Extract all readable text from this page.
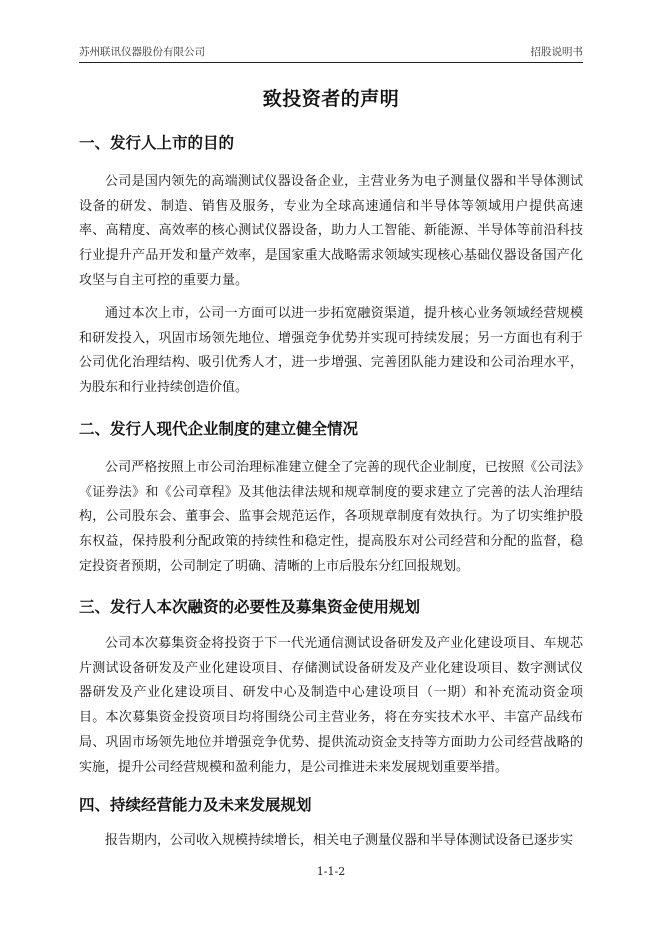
苏州联讯仪器股份有限公司	招股说明书
致投资者的声明
一、发行人上市的目的

公司是国内领先的高端测试仪器设备企业，主营业务为电子测量仪器和半导体测试设备的研发、制造、销售及服务，专业为全球高速通信和半导体等领域用户提供高速率、高精度、高效率的核心测试仪器设备，助力人工智能、新能源、半导体等前沿科技行业提升产品开发和量产效率，是国家重大战略需求领域实现核心基础仪器设备国产化攻坚与自主可控的重要力量。

通过本次上市，公司一方面可以进一步拓宽融资渠道，提升核心业务领域经营规模和研发投入，巩固市场领先地位、增强竞争优势并实现可持续发展；另一方面也有利于公司优化治理结构、吸引优秀人才，进一步增强、完善团队能力建设和公司治理水平，为股东和行业持续创造价值。

二、发行人现代企业制度的建立健全情况

公司严格按照上市公司治理标准建立健全了完善的现代企业制度，已按照《公司法》《证券法》和《公司章程》及其他法律法规和规章制度的要求建立了完善的法人治理结构，公司股东会、董事会、监事会规范运作，各项规章制度有效执行。为了切实维护股东权益，保持股利分配政策的持续性和稳定性，提高股东对公司经营和分配的监督，稳定投资者预期，公司制定了明确、清晰的上市后股东分红回报规划。

三、发行人本次融资的必要性及募集资金使用规划

公司本次募集资金将投资于下一代光通信测试设备研发及产业化建设项目、车规芯片测试设备研发及产业化建设项目、存储测试设备研发及产业化建设项目、数字测试仪器研发及产业化建设项目、研发中心及制造中心建设项目（一期）和补充流动资金项目。本次募集资金投资项目均将围绕公司主营业务，将在夯实技术水平、丰富产品线布局、巩固市场领先地位并增强竞争优势、提供流动资金支持等方面助力公司经营战略的实施，提升公司经营规模和盈利能力，是公司推进未来发展规划重要举措。

四、持续经营能力及未来发展规划

报告期内，公司收入规模持续增长，相关电子测量仪器和半导体测试设备已逐步实

1-1-2
